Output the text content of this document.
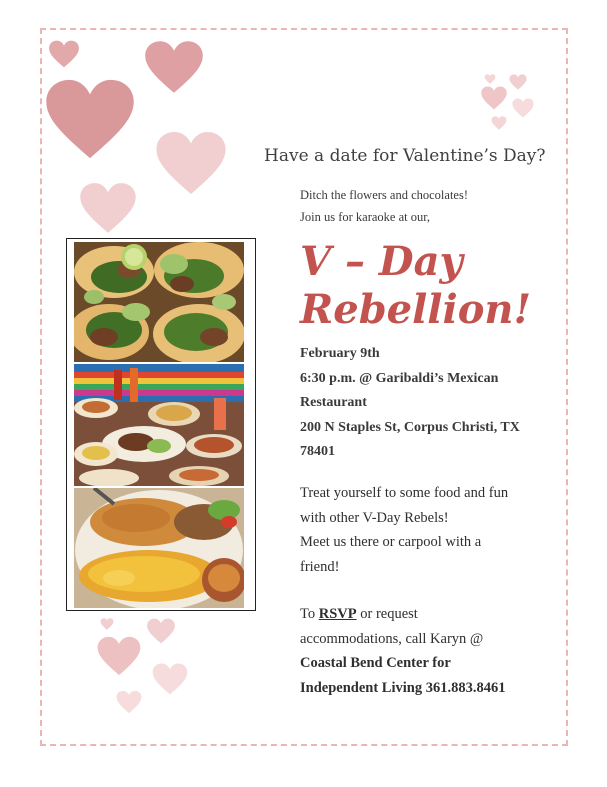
Have a date for Valentine’s Day?
Ditch the flowers and chocolates!
Join us for karaoke at our,
V – Day
Rebellion!
February 9th
6:30 p.m. @ Garibaldi’s Mexican
Restaurant
200 N Staples St, Corpus Christi, TX
78401
Treat yourself to some food and fun
with other V-Day Rebels!
Meet us there or carpool with a
friend!
To RSVP or request
accommodations, call Karyn @
Coastal Bend Center for
Independent Living 361.883.8461
